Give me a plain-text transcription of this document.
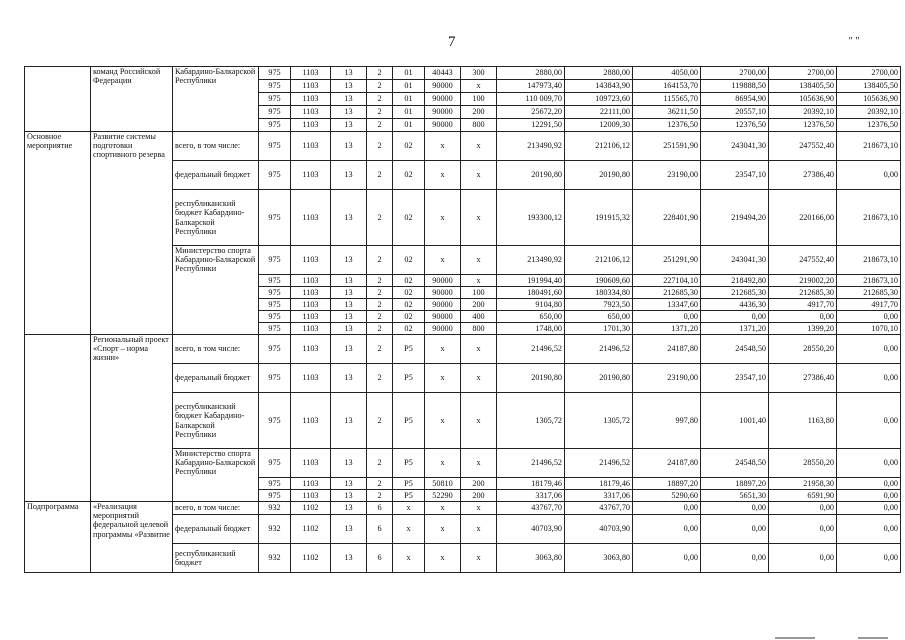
7	" "
	команд Российской Федерации	Кабардино-Балкарской Республики	975	1103	13	2	01	40443	300	2880,00	2880,00	4050,00	2700,00	2700,00	2700,00
			975	1103	13	2	01	90000	x	147973,40	143843,90	164153,70	119888,50	138405,50	138405,50
			975	1103	13	2	01	90000	100	110 009,70	109723,60	115565,70	86954,90	105636,90	105636,90
			975	1103	13	2	01	90000	200	25672,20	22111,00	36211,50	20557,10	20392,10	20392,10
			975	1103	13	2	01	90000	800	12291,50	12009,30	12376,50	12376,50	12376,50	12376,50
Основное мероприятие	Развитие системы подготовки спортивного резерва	всего, в том числе:	975	1103	13	2	02	x	x	213490,92	212106,12	251591,90	243041,30	247552,40	218673,10
		федеральный бюджет	975	1103	13	2	02	x	x	20190,80	20190,80	23190,00	23547,10	27386,40	0,00
		республиканский бюджет Кабардино-Балкарской Республики	975	1103	13	2	02	x	x	193300,12	191915,32	228401,90	219494,20	220166,00	218673,10
		Министерство спорта Кабардино-Балкарской Республики	975	1103	13	2	02	x	x	213490,92	212106,12	251291,90	243041,30	247552,40	218673,10
			975	1103	13	2	02	90000	x	191994,40	190609,60	227104,10	218492,80	219002,20	218673,10
			975	1103	13	2	02	90000	100	180491,60	180334,80	212685,30	212685,30	212685,30	212685,30
			975	1103	13	2	02	90000	200	9104,80	7923,50	13347,60	4436,30	4917,70	4917,70
			975	1103	13	2	02	90000	400	650,00	650,00	0,00	0,00	0,00	0,00
			975	1103	13	2	02	90000	800	1748,00	1701,30	1371,20	1371,20	1399,20	1070,10
	Региональный проект «Спорт – норма жизни»	всего, в том числе:	975	1103	13	2	P5	x	x	21496,52	21496,52	24187,80	24548,50	28550,20	0,00
		федеральный бюджет	975	1103	13	2	P5	x	x	20190,80	20190,80	23190,00	23547,10	27386,40	0,00
		республиканский бюджет Кабардино-Балкарской Республики	975	1103	13	2	P5	x	x	1305,72	1305,72	997,80	1001,40	1163,80	0,00
		Министерство спорта Кабардино-Балкарской Республики	975	1103	13	2	P5	x	x	21496,52	21496,52	24187,80	24548,50	28550,20	0,00
			975	1103	13	2	P5	50810	200	18179,46	18179,46	18897,20	18897,20	21958,30	0,00
			975	1103	13	2	P5	52290	200	3317,06	3317,06	5290,60	5651,30	6591,90	0,00
Подпрограмма	«Реализация мероприятий федеральной целевой программы «Развитие	всего, в том числе:	932	1102	13	6	x	x	x	43767,70	43767,70	0,00	0,00	0,00	0,00
		федеральный бюджет	932	1102	13	6	x	x	x	40703,90	40703,90	0,00	0,00	0,00	0,00
		республиканский бюджет	932	1102	13	6	x	x	x	3063,80	3063,80	0,00	0,00	0,00	0,00
